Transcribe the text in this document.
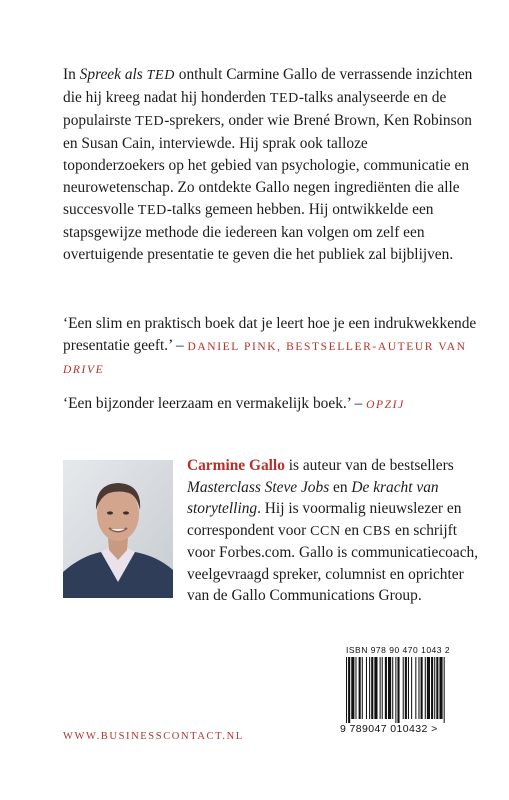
In Spreek als TED onthult Carmine Gallo de verrassende inzichten die hij kreeg nadat hij honderden TED-talks analyseerde en de populairste TED-sprekers, onder wie Brené Brown, Ken Robinson en Susan Cain, interviewde. Hij sprak ook talloze toponderzoekers op het gebied van psychologie, communicatie en neurowetenschap. Zo ontdekte Gallo negen ingrediënten die alle succesvolle TED-talks gemeen hebben. Hij ontwikkelde een stapsgewijze methode die iedereen kan volgen om zelf een overtuigende presentatie te geven die het publiek zal bijblijven.

‘Een slim en praktisch boek dat je leert hoe je een indrukwekkende presentatie geeft.’ – DANIEL PINK, BESTSELLER-AUTEUR VAN DRIVE

‘Een bijzonder leerzaam en vermakelijk boek.’ – OPZIJ

Carmine Gallo is auteur van de bestsellers Masterclass Steve Jobs en De kracht van storytelling. Hij is voormalig nieuwslezer en correspondent voor CCN en CBS en schrijft voor Forbes.com. Gallo is communicatiecoach, veelgevraagd spreker, columnist en oprichter van de Gallo Communications Group.

ISBN 978 90 470 1043 2
9 789047 010432 >
WWW.BUSINESSCONTACT.NL
